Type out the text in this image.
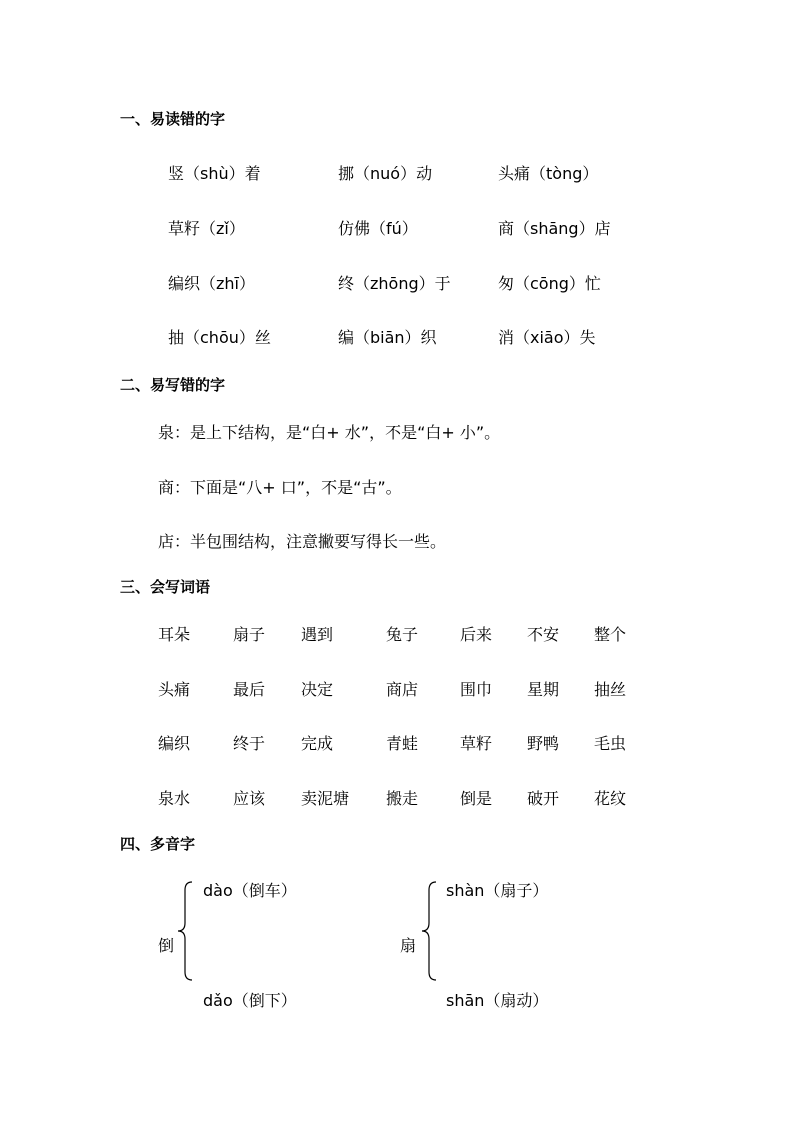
一、易读错的字
竖（shù）着	挪（nuó）动	头痛（tòng）
草籽（zǐ）	仿佛（fú）	商（shāng）店
编织（zhī）	终（zhōng）于	匆（cōng）忙
抽（chōu）丝	编（biān）织	消（xiāo）失
二、易写错的字
泉：是上下结构，是“白+ 水”，不是“白+ 小”。
商：下面是“八+ 口”，不是“古”。
店：半包围结构，注意撇要写得长一些。
三、会写词语
耳朵	扇子 遇到	兔子	后来 不安 整个
头痛	最后 决定	商店	围巾 星期 抽丝
编织	终于 完成	青蛙	草籽 野鸭 毛虫
泉水	应该 卖泥塘 搬走	倒是 破开 花纹
四、多音字
倒
dào（倒车）
dǎo（倒下）
扇
shàn（扇子）
shān（扇动）
